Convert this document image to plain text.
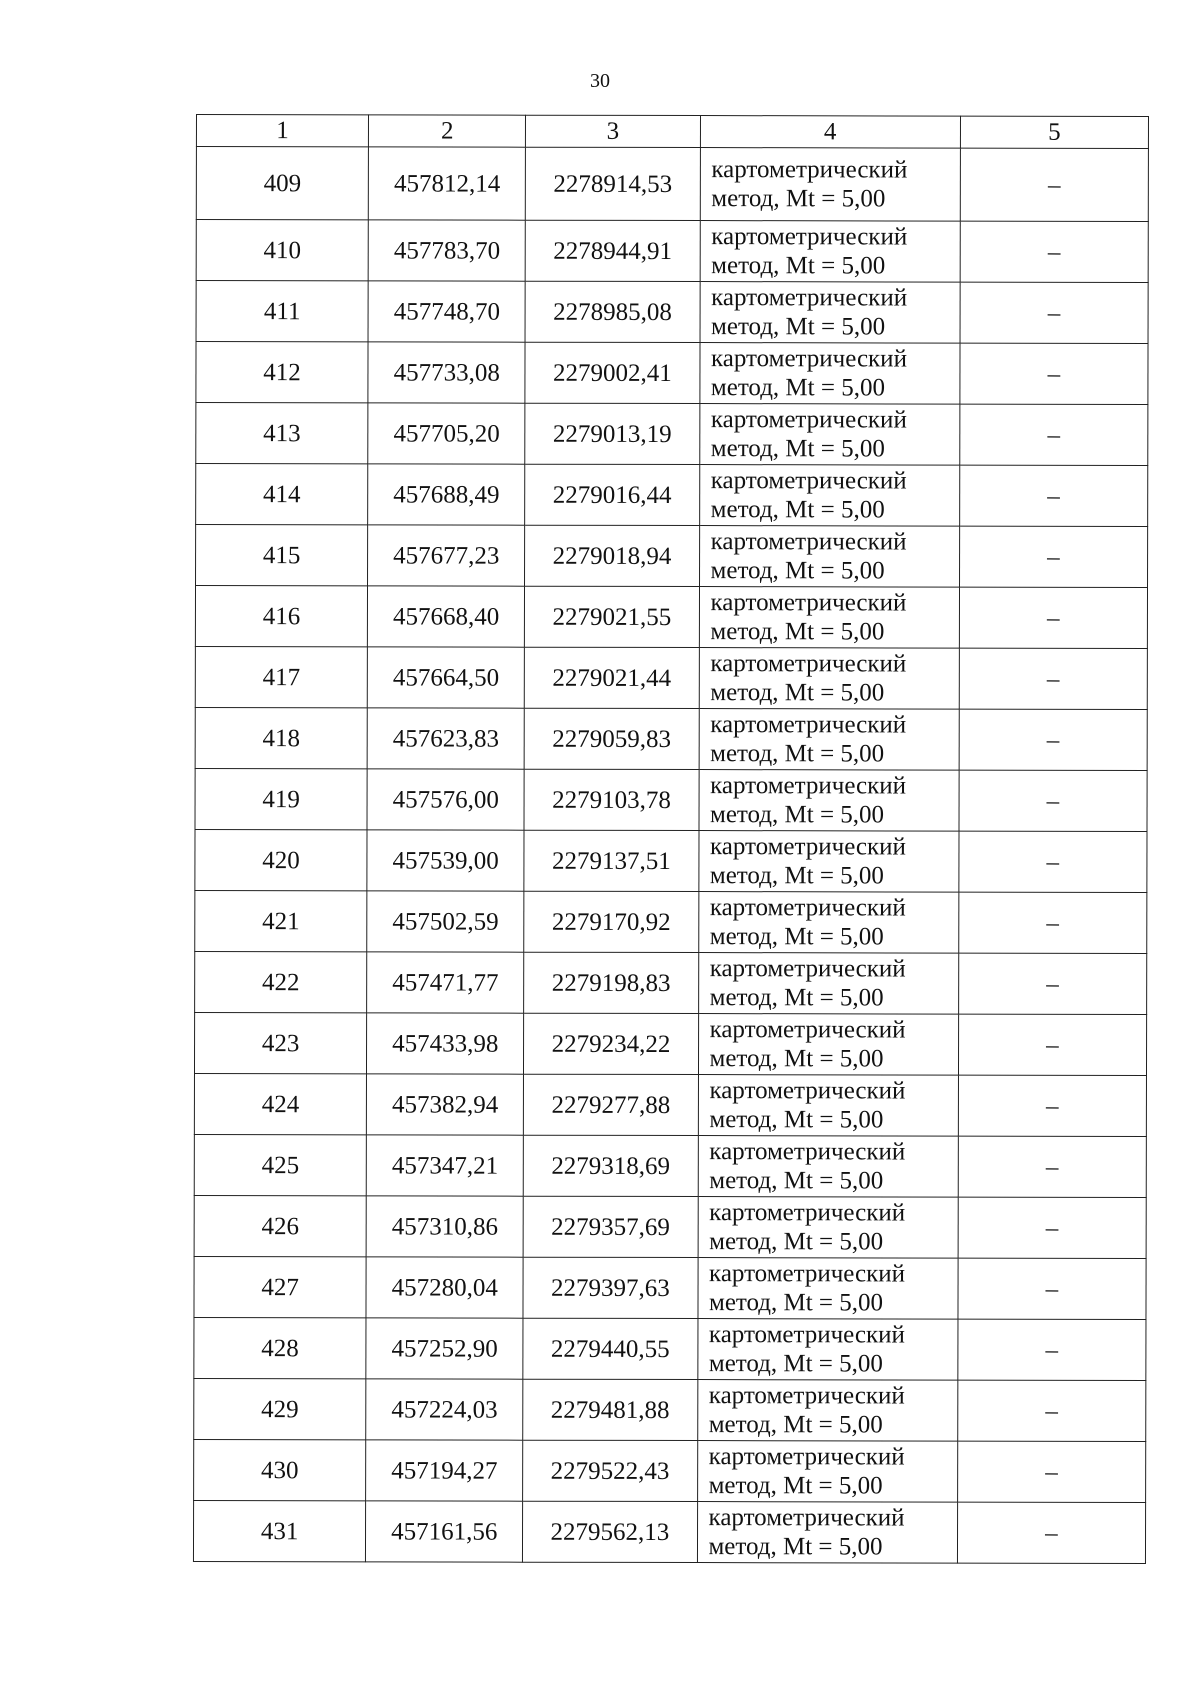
30
1	2	3	4	5
409	457812,14	2278914,53	картометрический
метод, Mt = 5,00	–
410	457783,70	2278944,91	картометрический
метод, Mt = 5,00	–
411	457748,70	2278985,08	картометрический
метод, Mt = 5,00	–
412	457733,08	2279002,41	картометрический
метод, Mt = 5,00	–
413	457705,20	2279013,19	картометрический
метод, Mt = 5,00	–
414	457688,49	2279016,44	картометрический
метод, Mt = 5,00	–
415	457677,23	2279018,94	картометрический
метод, Mt = 5,00	–
416	457668,40	2279021,55	картометрический
метод, Mt = 5,00	–
417	457664,50	2279021,44	картометрический
метод, Mt = 5,00	–
418	457623,83	2279059,83	картометрический
метод, Mt = 5,00	–
419	457576,00	2279103,78	картометрический
метод, Mt = 5,00	–
420	457539,00	2279137,51	картометрический
метод, Mt = 5,00	–
421	457502,59	2279170,92	картометрический
метод, Mt = 5,00	–
422	457471,77	2279198,83	картометрический
метод, Mt = 5,00	–
423	457433,98	2279234,22	картометрический
метод, Mt = 5,00	–
424	457382,94	2279277,88	картометрический
метод, Mt = 5,00	–
425	457347,21	2279318,69	картометрический
метод, Mt = 5,00	–
426	457310,86	2279357,69	картометрический
метод, Mt = 5,00	–
427	457280,04	2279397,63	картометрический
метод, Mt = 5,00	–
428	457252,90	2279440,55	картометрический
метод, Mt = 5,00	–
429	457224,03	2279481,88	картометрический
метод, Mt = 5,00	–
430	457194,27	2279522,43	картометрический
метод, Mt = 5,00	–
431	457161,56	2279562,13	картометрический
метод, Mt = 5,00	–
